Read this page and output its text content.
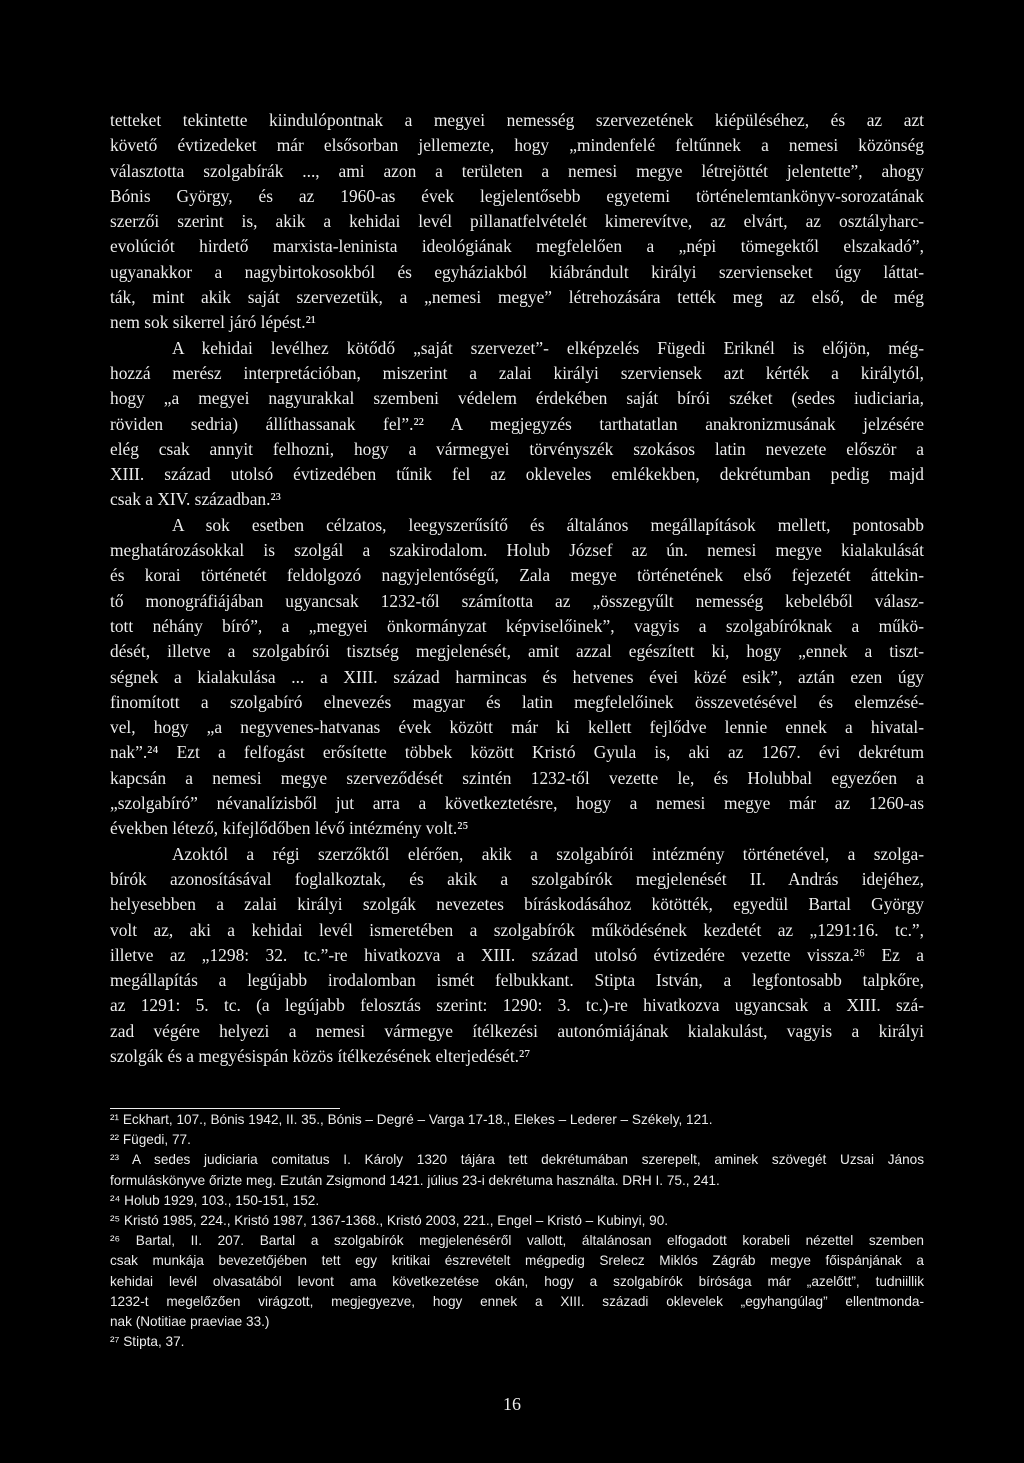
tetteket tekintette kiindulópontnak a megyei nemesség szervezetének kiépüléséhez, és az azt
követő évtizedeket már elsősorban jellemezte, hogy „mindenfelé feltűnnek a nemesi közönség
választotta szolgabírák ..., ami azon a területen a nemesi megye létrejöttét jelentette”, ahogy
Bónis György, és az 1960-as évek legjelentősebb egyetemi történelemtankönyv-sorozatának
szerzői szerint is, akik a kehidai levél pillanatfelvételét kimerevítve, az elvárt, az osztályharc-
evolúciót hirdető marxista-leninista ideológiának megfelelően a „népi tömegektől elszakadó”,
ugyanakkor a nagybirtokosokból és egyháziakból kiábrándult királyi szervienseket úgy láttat-
ták, mint akik saját szervezetük, a „nemesi megye” létrehozására tették meg az első, de még
nem sok sikerrel járó lépést.²¹
A kehidai levélhez kötődő „saját szervezet”- elképzelés Fügedi Eriknél is előjön, még-
hozzá merész interpretációban, miszerint a zalai királyi szerviensek azt kérték a királytól,
hogy „a megyei nagyurakkal szembeni védelem érdekében saját bírói széket (sedes iudiciaria,
röviden sedria) állíthassanak fel”.²² A megjegyzés tarthatatlan anakronizmusának jelzésére
elég csak annyit felhozni, hogy a vármegyei törvényszék szokásos latin nevezete először a
XIII. század utolsó évtizedében tűnik fel az okleveles emlékekben, dekrétumban pedig majd
csak a XIV. században.²³
A sok esetben célzatos, leegyszerűsítő és általános megállapítások mellett, pontosabb
meghatározásokkal is szolgál a szakirodalom. Holub József az ún. nemesi megye kialakulását
és korai történetét feldolgozó nagyjelentőségű, Zala megye történetének első fejezetét áttekin-
tő monográfiájában ugyancsak 1232-től számította az „összegyűlt nemesség kebeléből válasz-
tott néhány bíró”, a „megyei önkormányzat képviselőinek”, vagyis a szolgabíróknak a műkö-
dését, illetve a szolgabírói tisztség megjelenését, amit azzal egészített ki, hogy „ennek a tiszt-
ségnek a kialakulása ... a XIII. század harmincas és hetvenes évei közé esik”, aztán ezen úgy
finomított a szolgabíró elnevezés magyar és latin megfelelőinek összevetésével és elemzésé-
vel, hogy „a negyvenes-hatvanas évek között már ki kellett fejlődve lennie ennek a hivatal-
nak”.²⁴ Ezt a felfogást erősítette többek között Kristó Gyula is, aki az 1267. évi dekrétum
kapcsán a nemesi megye szerveződését szintén 1232-től vezette le, és Holubbal egyezően a
„szolgabíró” névanalízisből jut arra a következtetésre, hogy a nemesi megye már az 1260-as
években létező, kifejlődőben lévő intézmény volt.²⁵
Azoktól a régi szerzőktől elérően, akik a szolgabírói intézmény történetével, a szolga-
bírók azonosításával foglalkoztak, és akik a szolgabírók megjelenését II. András idejéhez,
helyesebben a zalai királyi szolgák nevezetes bíráskodásához kötötték, egyedül Bartal György
volt az, aki a kehidai levél ismeretében a szolgabírók működésének kezdetét az „1291:16. tc.”,
illetve az „1298: 32. tc.”-re hivatkozva a XIII. század utolsó évtizedére vezette vissza.²⁶ Ez a
megállapítás a legújabb irodalomban ismét felbukkant. Stipta István, a legfontosabb talpkőre,
az 1291: 5. tc. (a legújabb felosztás szerint: 1290: 3. tc.)-re hivatkozva ugyancsak a XIII. szá-
zad végére helyezi a nemesi vármegye ítélkezési autonómiájának kialakulást, vagyis a királyi
szolgák és a megyésispán közös ítélkezésének elterjedését.²⁷
²¹ Eckhart, 107., Bónis 1942, II. 35., Bónis – Degré – Varga 17-18., Elekes – Lederer – Székely, 121.
²² Fügedi, 77.
²³ A sedes judiciaria comitatus I. Károly 1320 tájára tett dekrétumában szerepelt, aminek szövegét Uzsai János
formuláskönyve őrizte meg. Ezután Zsigmond 1421. július 23-i dekrétuma használta. DRH I. 75., 241.
²⁴ Holub 1929, 103., 150-151, 152.
²⁵ Kristó 1985, 224., Kristó 1987, 1367-1368., Kristó 2003, 221., Engel – Kristó – Kubinyi, 90.
²⁶ Bartal, II. 207. Bartal a szolgabírók megjelenéséről vallott, általánosan elfogadott korabeli nézettel szemben
csak munkája bevezetőjében tett egy kritikai észrevételt mégpedig Srelecz Miklós Zágráb megye főispánjának a
kehidai levél olvasatából levont ama következetése okán, hogy a szolgabírók bírósága már „azelőtt”, tudniillik
1232-t megelőzően virágzott, megjegyezve, hogy ennek a XIII. századi oklevelek „egyhangúlag” ellentmonda-
nak (Notitiae praeviae 33.)
²⁷ Stipta, 37.
16
